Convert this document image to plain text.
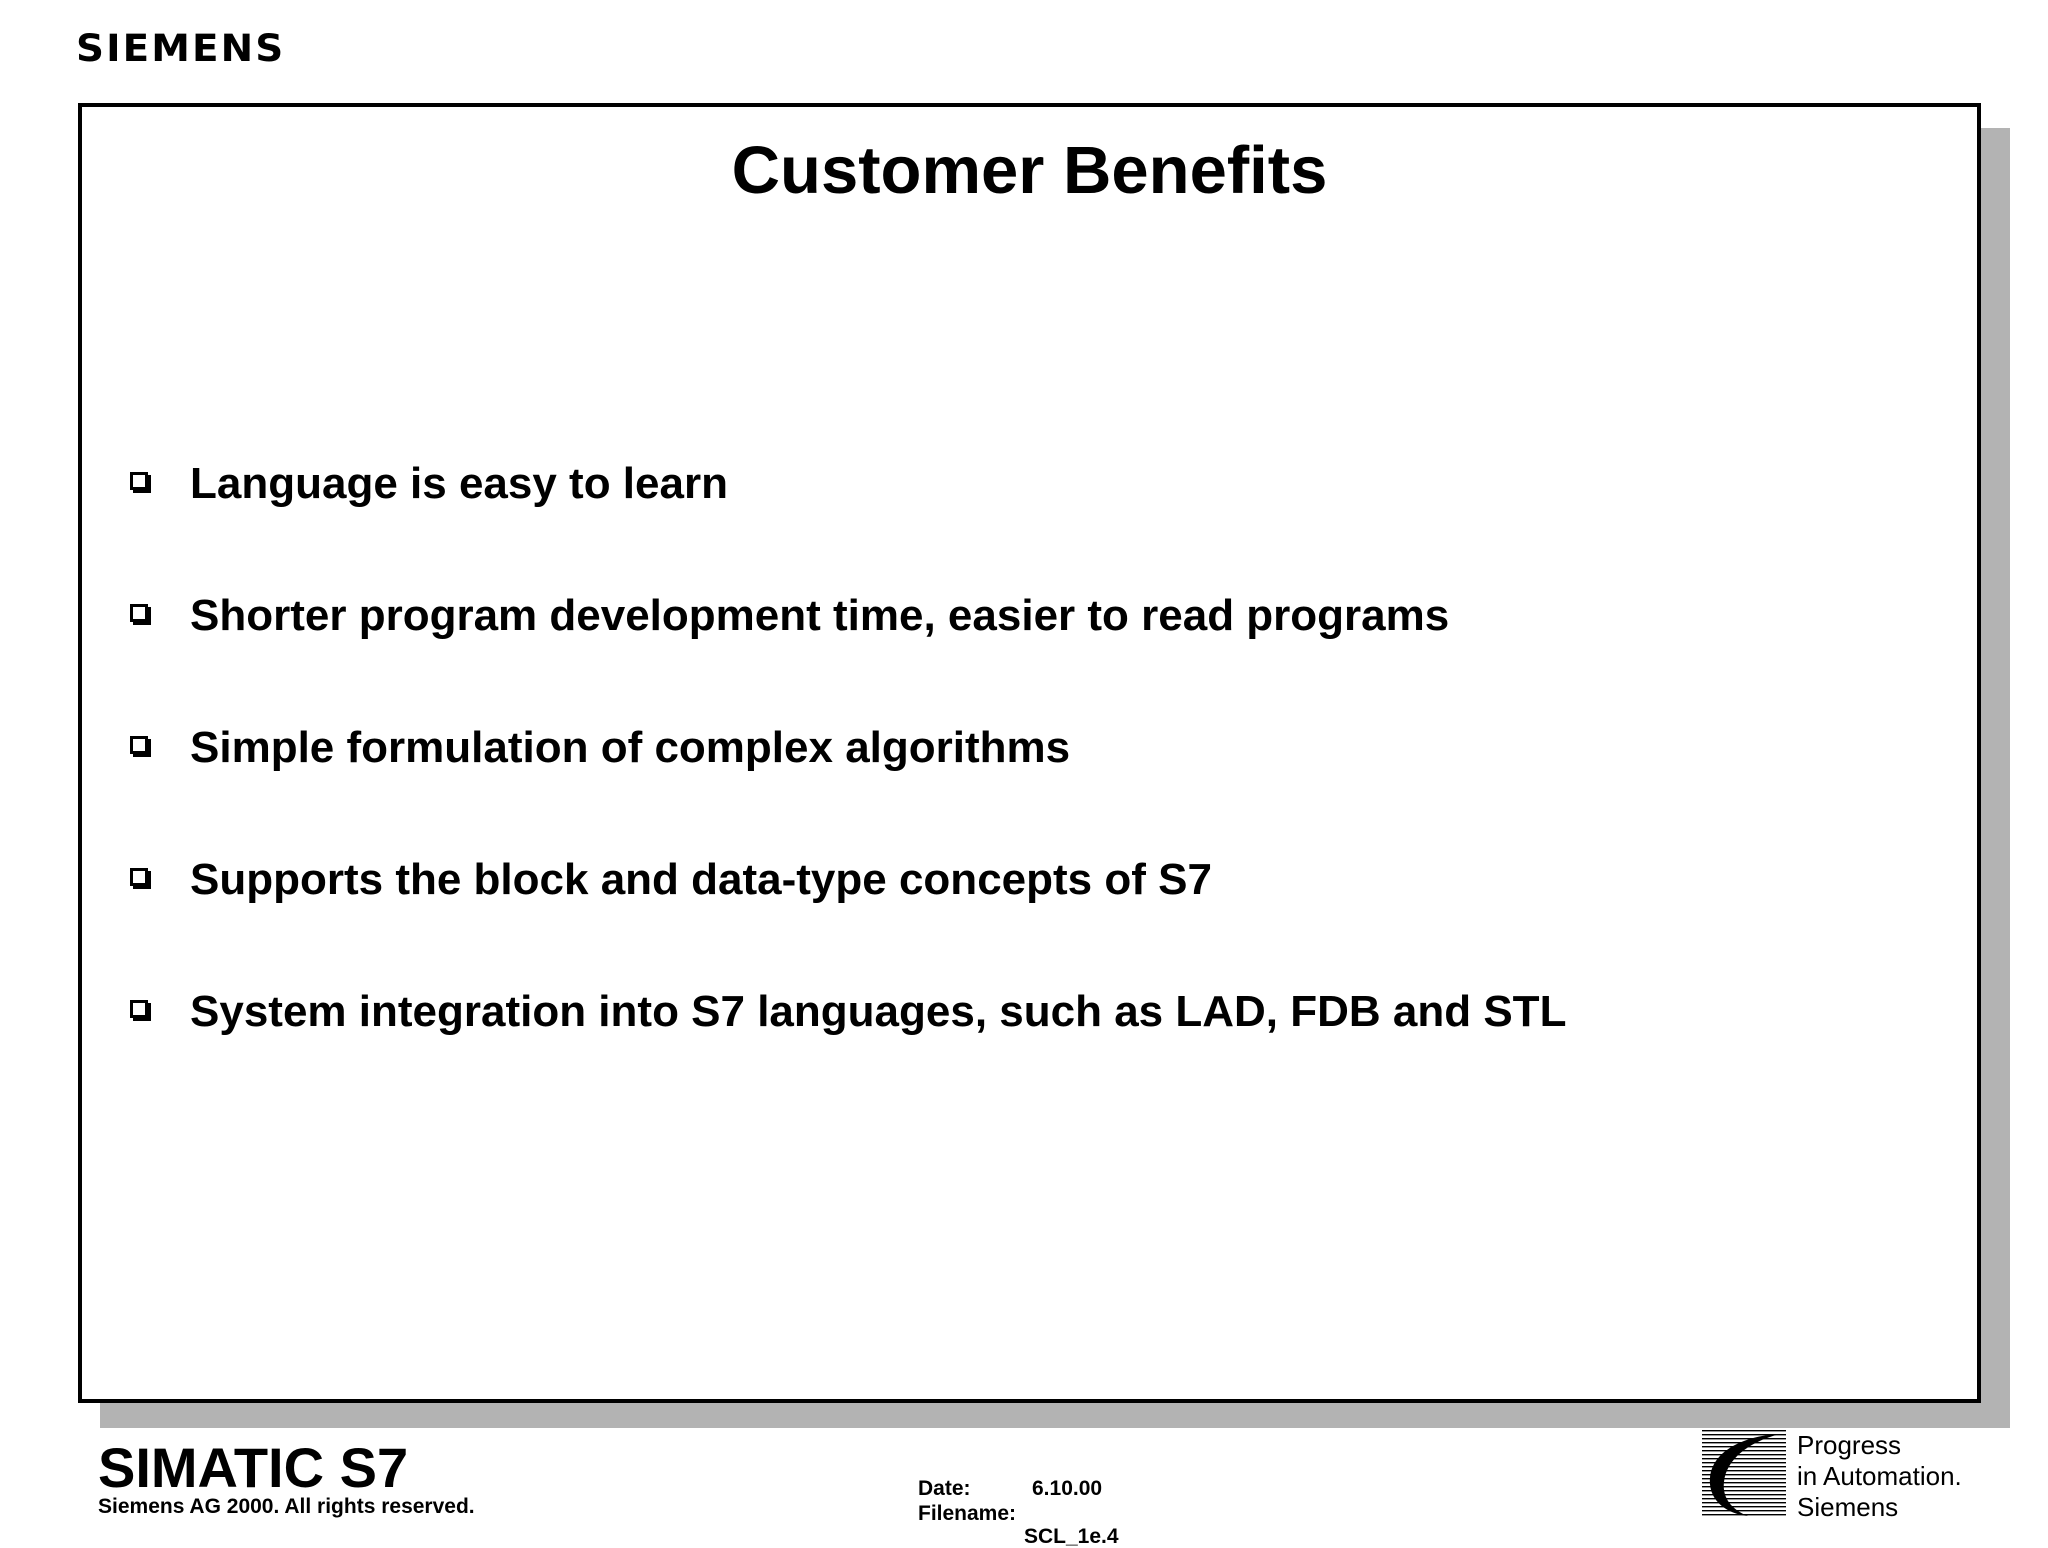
SIEMENS
Customer Benefits
Language is easy to learn
Shorter program development time, easier to read programs
Simple formulation of complex algorithms
Supports the block and data-type concepts of S7
System integration into S7 languages, such as LAD, FDB and STL
SIMATIC S7
Siemens AG 2000. All rights reserved.
Date:	6.10.00
Filename:
SCL_1e.4
Progress
in Automation.
Siemens
